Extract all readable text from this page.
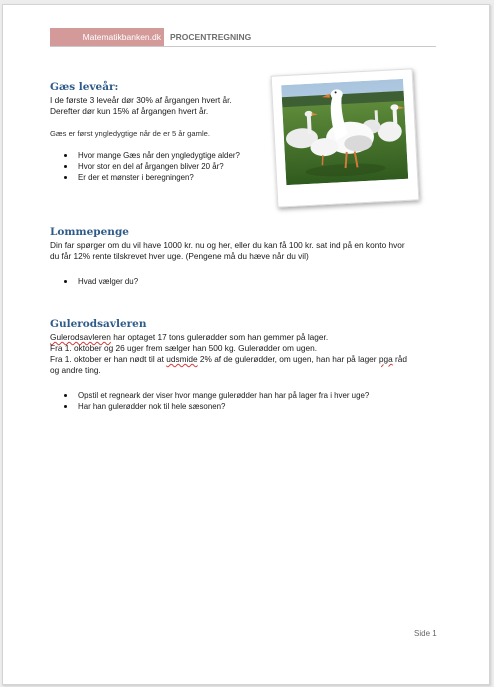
Matematikbanken.dk	PROCENTREGNING
Gæs leveår:

I de første 3 leveår dør 30% af årgangen hvert år.

Derefter dør kun 15% af årgangen hvert år.

Gæs er først yngledygtige når de er 5 år gamle.

Hvor mange Gæs når den yngledygtige alder?
Hvor stor en del af årgangen bliver 20 år?
Er der et mønster i beregningen?
Lommepenge

Din far spørger om du vil have 1000 kr. nu og her, eller du kan få 100 kr. sat ind på en konto hvor

du får 12% rente tilskrevet hver uge. (Pengene må du hæve når du vil)

Hvad vælger du?
Gulerodsavleren

Gulerodsavleren har optaget 17 tons gulerødder som han gemmer på lager.

Fra 1. oktober og 26 uger frem sælger han 500 kg. Gulerødder om ugen.

Fra 1. oktober er han nødt til at udsmide 2% af de gulerødder, om ugen, han har på lager pga råd

og andre ting.

Opstil et regneark der viser hvor mange gulerødder han har på lager fra i hver uge?
Har han gulerødder nok til hele sæsonen?
Side 1
